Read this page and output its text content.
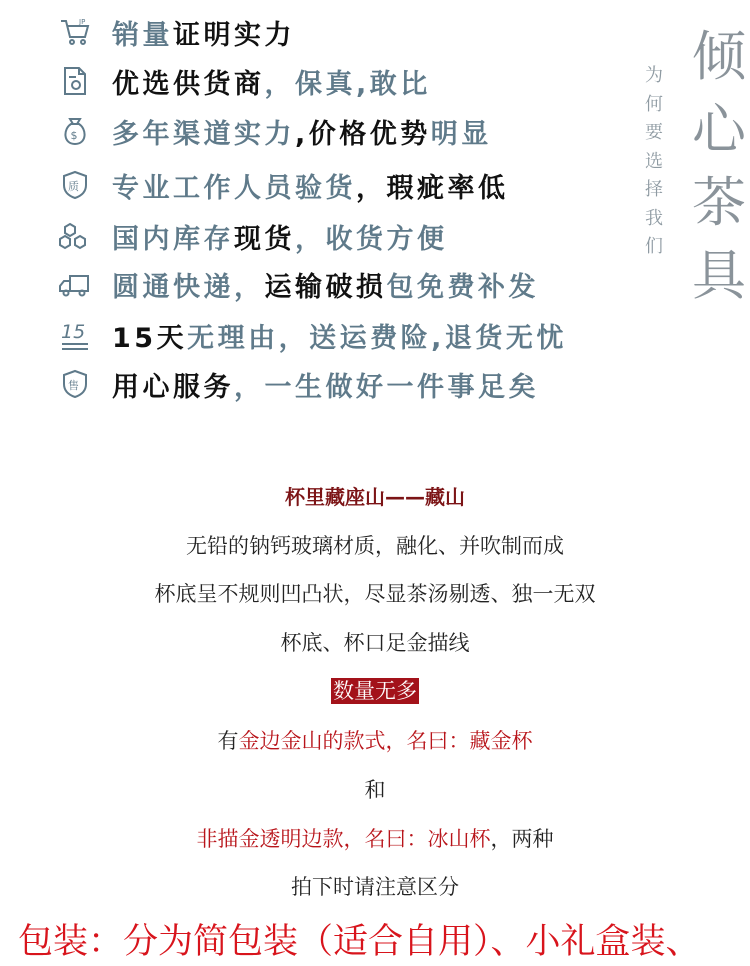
JP 销量证明实力
优选供货商，保真,敢比
$ 多年渠道实力,价格优势明显
质 专业工作人员验货，瑕疵率低
国内库存现货，收货方便
圆通快递，运输破损包免费补发
15 15天无理由，送运费险,退货无忧
售 用心服务，一生做好一件事足矣
为
何
要
选
择
我
们
倾
心
茶
具
杯里藏座山——藏山
无铅的钠钙玻璃材质，融化、并吹制而成
杯底呈不规则凹凸状，尽显茶汤剔透、独一无双
杯底、杯口足金描线
数量无多
有金边金山的款式，名曰：藏金杯
和
非描金透明边款，名曰：冰山杯，两种
拍下时请注意区分
包装：分为简包装（适合自用）、小礼盒装、
